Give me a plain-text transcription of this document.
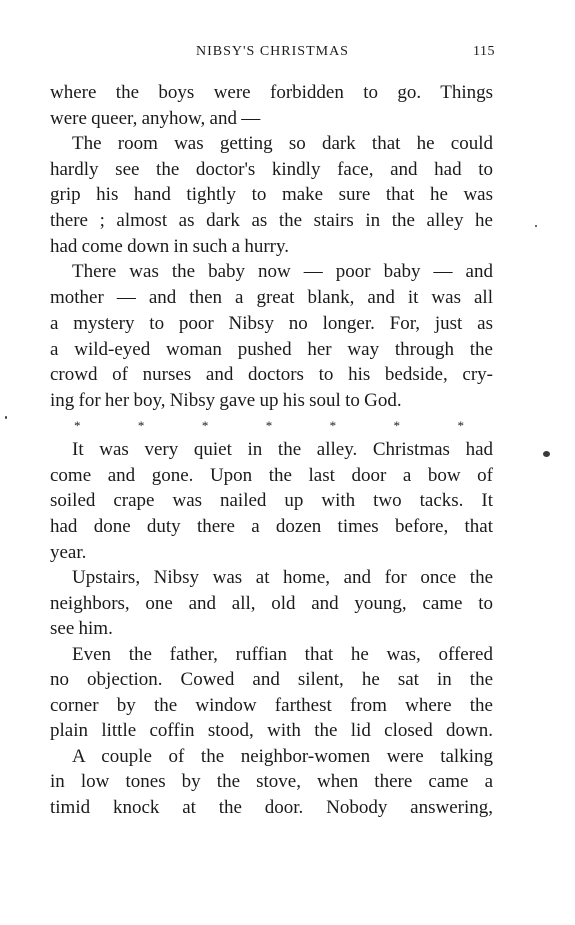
NIBSY'S CHRISTMAS	115
where the boys were forbidden to go. Things
were queer, anyhow, and —
The room was getting so dark that he could
hardly see the doctor's kindly face, and had to
grip his hand tightly to make sure that he was
there ; almost as dark as the stairs in the alley he
had come down in such a hurry.
There was the baby now — poor baby — and
mother — and then a great blank, and it was all
a mystery to poor Nibsy no longer. For, just as
a wild-eyed woman pushed her way through the
crowd of nurses and doctors to his bedside, cry-
ing for her boy, Nibsy gave up his soul to God.
*	*	*	*	*	*	*
It was very quiet in the alley. Christmas had
come and gone. Upon the last door a bow of
soiled crape was nailed up with two tacks. It
had done duty there a dozen times before, that
year.
Upstairs, Nibsy was at home, and for once the
neighbors, one and all, old and young, came to
see him.
Even the father, ruffian that he was, offered
no objection. Cowed and silent, he sat in the
corner by the window farthest from where the
plain little coffin stood, with the lid closed down.
A couple of the neighbor-women were talking
in low tones by the stove, when there came a
timid knock at the door. Nobody answering,
